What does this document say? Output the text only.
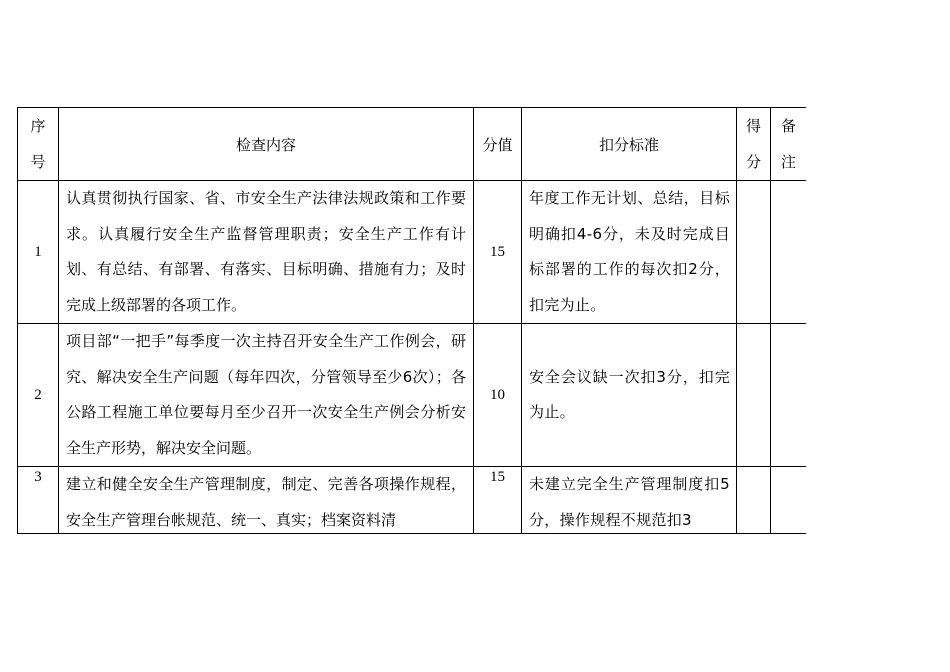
序号	检查内容	分值	扣分标准	得分	备注
1	认真贯彻执行国家、省、市安全生产法律法规政策和工作要求。认真履行安全生产监督管理职责；安全生产工作有计划、有总结、有部署、有落实、目标明确、措施有力；及时完成上级部署的各项工作。	15	年度工作无计划、总结，目标明确扣4-6分，未及时完成目标部署的工作的每次扣2分，扣完为止。		
2	项目部“一把手”每季度一次主持召开安全生产工作例会，研究、解决安全生产问题（每年四次，分管领导至少6次）；各公路工程施工单位要每月至少召开一次安全生产例会分析安全生产形势，解决安全问题。	10	安全会议缺一次扣3分，扣完为止。		
3	建立和健全安全生产管理制度，制定、完善各项操作规程，安全生产管理台帐规范、统一、真实；档案资料清	15	未建立完全生产管理制度扣5分，操作规程不规范扣3		
